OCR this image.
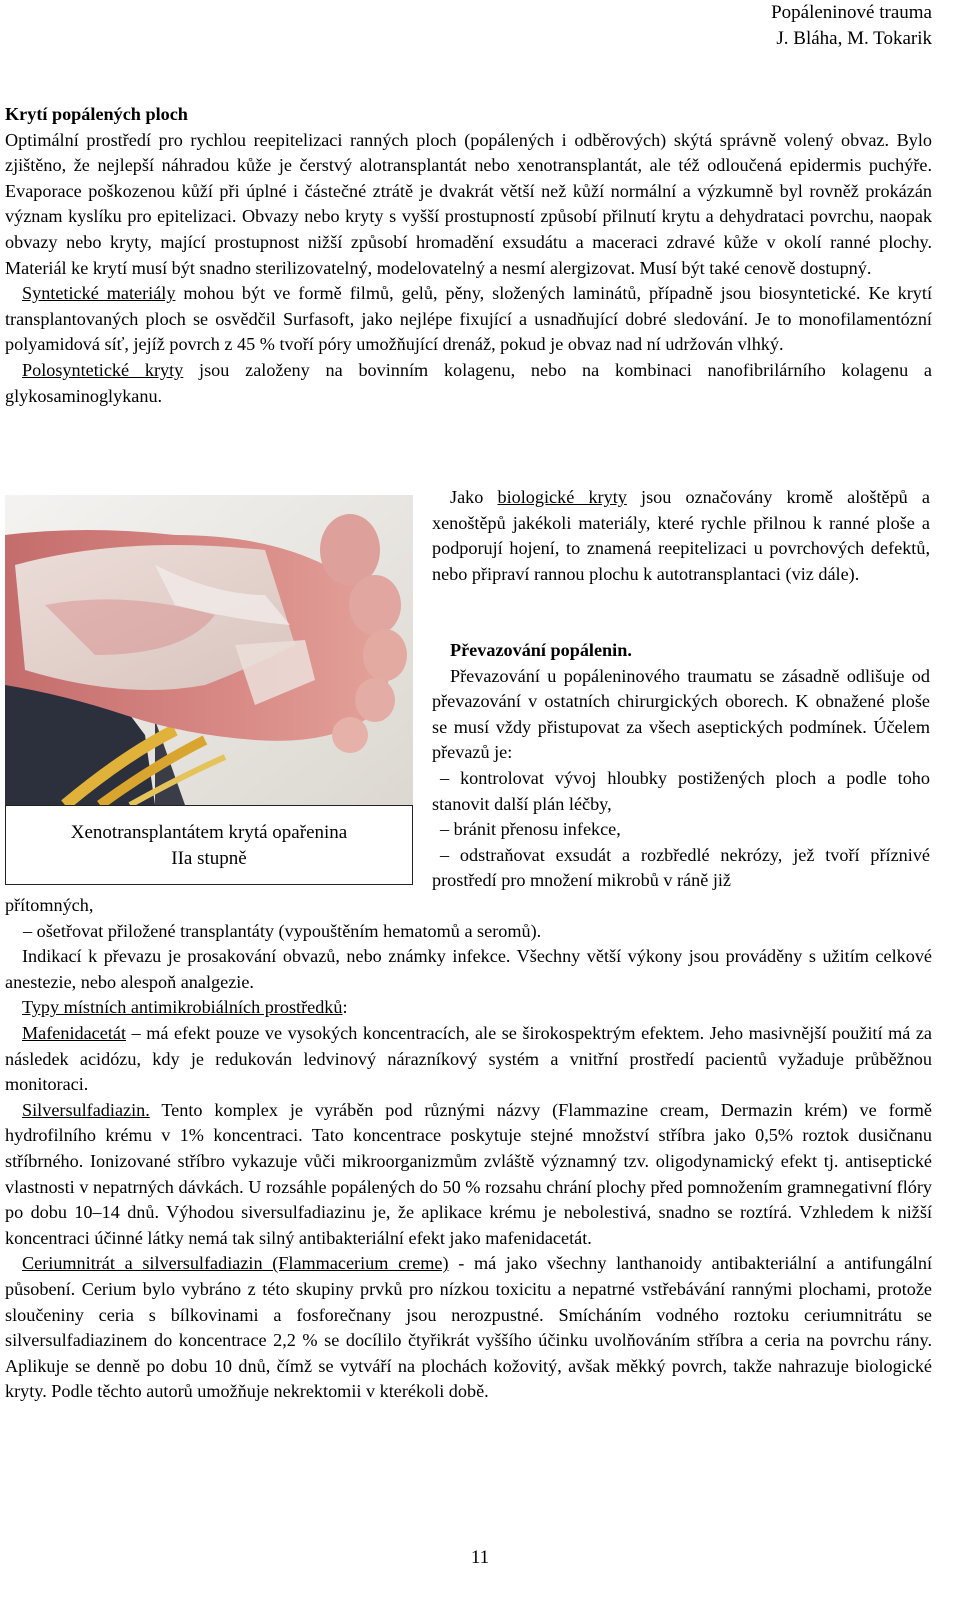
Popáleninové trauma
J. Bláha, M. Tokarik
Krytí popálených ploch

Optimální prostředí pro rychlou reepitelizaci ranných ploch (popálených i odběrových) skýtá správně volený obvaz. Bylo zjištěno, že nejlepší náhradou kůže je čerstvý alotransplantát nebo xenotransplantát, ale též odloučená epidermis puchýře. Evaporace poškozenou kůží při úplné i částečné ztrátě je dvakrát větší než kůží normální a výzkumně byl rovněž prokázán význam kyslíku pro epitelizaci. Obvazy nebo kryty s vyšší prostupností způsobí přilnutí krytu a dehydrataci povrchu, naopak obvazy nebo kryty, mající prostupnost nižší způsobí hromadění exsudátu a maceraci zdravé kůže v okolí ranné plochy. Materiál ke krytí musí být snadno sterilizovatelný, modelovatelný a nesmí alergizovat. Musí být také cenově dostupný.

Syntetické materiály mohou být ve formě filmů, gelů, pěny, složených laminátů, případně jsou biosyntetické. Ke krytí transplantovaných ploch se osvědčil Surfasoft, jako nejlépe fixující a usnadňující dobré sledování. Je to monofilamentózní polyamidová síť, jejíž povrch z 45 % tvoří póry umožňující drenáž, pokud je obvaz nad ní udržován vlhký.

Polosyntetické kryty jsou založeny na bovinním kolagenu, nebo na kombinaci nanofibrilárního kolagenu a glykosaminoglykanu.

Xenotransplantátem krytá opařenina
IIa stupně

Jako biologické kryty jsou označovány kromě aloštěpů a xenoštěpů jakékoli materiály, které rychle přilnou k ranné ploše a podporují hojení, to znamená reepitelizaci u povrchových defektů, nebo připraví rannou plochu k autotransplantaci (viz dále).

Převazování popálenin.

Převazování u popáleninového traumatu se zásadně odlišuje od převazování v ostatních chirurgických oborech. K obnažené ploše se musí vždy přistupovat za všech aseptických podmínek. Účelem převazů je:

– kontrolovat vývoj hloubky postižených ploch a podle toho stanovit další plán léčby,

– bránit přenosu infekce,

– odstraňovat exsudát a rozbředlé nekrózy, jež tvoří příznivé prostředí pro množení mikrobů v ráně již

přítomných,

– ošetřovat přiložené transplantáty (vypouštěním hematomů a seromů).

Indikací k převazu je prosakování obvazů, nebo známky infekce. Všechny větší výkony jsou prováděny s užitím celkové anestezie, nebo alespoň analgezie.

Typy místních antimikrobiálních prostředků:

Mafenidacetát – má efekt pouze ve vysokých koncentracích, ale se širokospektrým efektem. Jeho masivnější použití má za následek acidózu, kdy je redukován ledvinový nárazníkový systém a vnitřní prostředí pacientů vyžaduje průběžnou monitoraci.

Silversulfadiazin. Tento komplex je vyráběn pod různými názvy (Flammazine cream, Dermazin krém) ve formě hydrofilního krému v 1% koncentraci. Tato koncentrace poskytuje stejné množství stříbra jako 0,5% roztok dusičnanu stříbrného. Ionizované stříbro vykazuje vůči mikroorganizmům zvláště významný tzv. oligodynamický efekt tj. antiseptické vlastnosti v nepatrných dávkách. U rozsáhle popálených do 50 % rozsahu chrání plochy před pomnožením gramnegativní flóry po dobu 10–14 dnů. Výhodou siversulfadiazinu je, že aplikace krému je nebolestivá, snadno se roztírá. Vzhledem k nižší koncentraci účinné látky nemá tak silný antibakteriální efekt jako mafenidacetát.

Ceriumnitrát a silversulfadiazin (Flammacerium creme) - má jako všechny lanthanoidy antibakteriální a antifungální působení. Cerium bylo vybráno z této skupiny prvků pro nízkou toxicitu a nepatrné vstřebávání rannými plochami, protože sloučeniny ceria s bílkovinami a fosforečnany jsou nerozpustné. Smícháním vodného roztoku ceriumnitrátu se silversulfadiazinem do koncentrace 2,2 % se docílilo čtyřikrát vyššího účinku uvolňováním stříbra a ceria na povrchu rány. Aplikuje se denně po dobu 10 dnů, čímž se vytváří na plochách kožovitý, avšak měkký povrch, takže nahrazuje biologické kryty. Podle těchto autorů umožňuje nekrektomii v kterékoli době.

11
